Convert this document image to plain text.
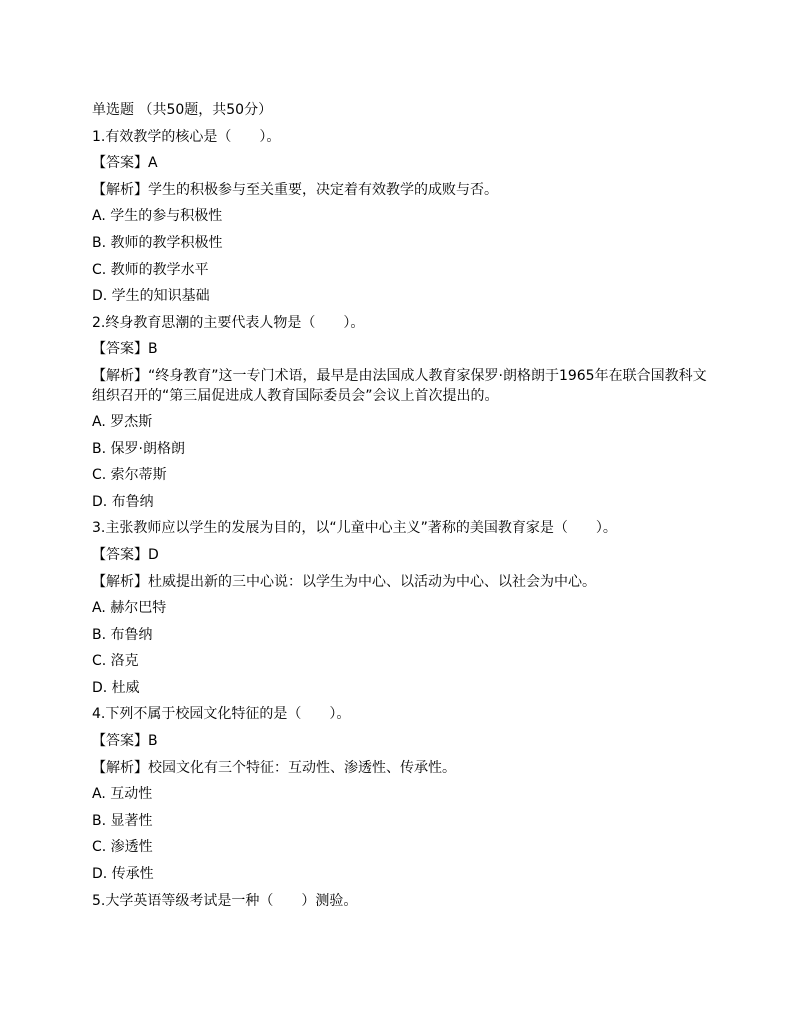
单选题 （共50题，共50分）
1.有效教学的核心是（　　）。
【答案】A
【解析】学生的积极参与至关重要，决定着有效教学的成败与否。
A. 学生的参与积极性
B. 教师的教学积极性
C. 教师的教学水平
D. 学生的知识基础
2.终身教育思潮的主要代表人物是（　　）。
【答案】B
【解析】“终身教育”这一专门术语，最早是由法国成人教育家保罗·朗格朗于1965年在联合国教科文组织召开的“第三届促进成人教育国际委员会”会议上首次提出的。
A. 罗杰斯
B. 保罗·朗格朗
C. 索尔蒂斯
D. 布鲁纳
3.主张教师应以学生的发展为目的，以“儿童中心主义”著称的美国教育家是（　　）。
【答案】D
【解析】杜威提出新的三中心说：以学生为中心、以活动为中心、以社会为中心。
A. 赫尔巴特
B. 布鲁纳
C. 洛克
D. 杜威
4.下列不属于校园文化特征的是（　　）。
【答案】B
【解析】校园文化有三个特征：互动性、渗透性、传承性。
A. 互动性
B. 显著性
C. 渗透性
D. 传承性
5.大学英语等级考试是一种（　　）测验。
